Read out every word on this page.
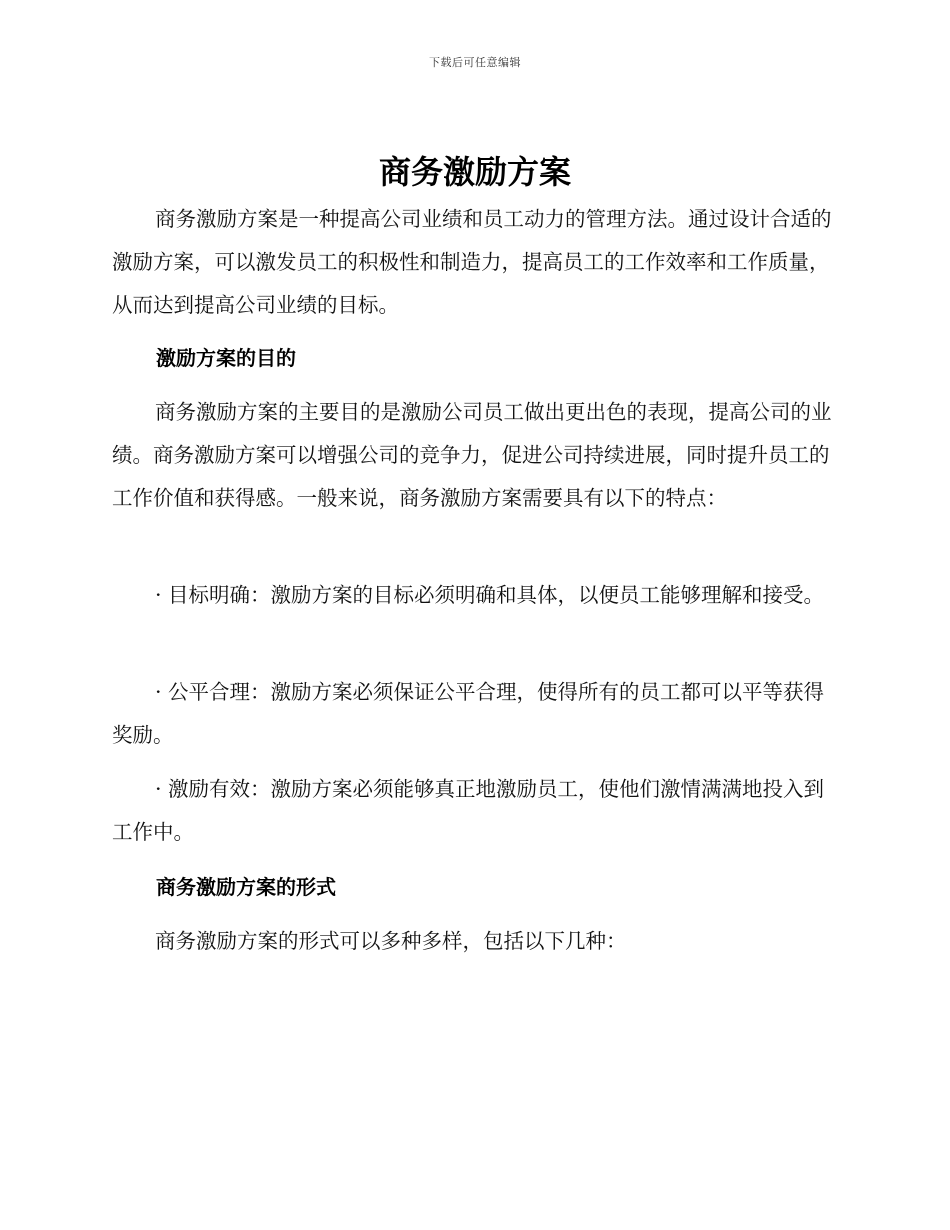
下载后可任意编辑
商务激励方案

商务激励方案是一种提高公司业绩和员工动力的管理方法。通过设计合适的激励方案，可以激发员工的积极性和制造力，提高员工的工作效率和工作质量，从而达到提高公司业绩的目标。

激励方案的目的

商务激励方案的主要目的是激励公司员工做出更出色的表现，提高公司的业绩。商务激励方案可以增强公司的竞争力，促进公司持续进展，同时提升员工的工作价值和获得感。一般来说，商务激励方案需要具有以下的特点：

· 目标明确：激励方案的目标必须明确和具体，以便员工能够理解和接受。

· 公平合理：激励方案必须保证公平合理，使得所有的员工都可以平等获得奖励。

· 激励有效：激励方案必须能够真正地激励员工，使他们激情满满地投入到工作中。

商务激励方案的形式

商务激励方案的形式可以多种多样，包括以下几种：
